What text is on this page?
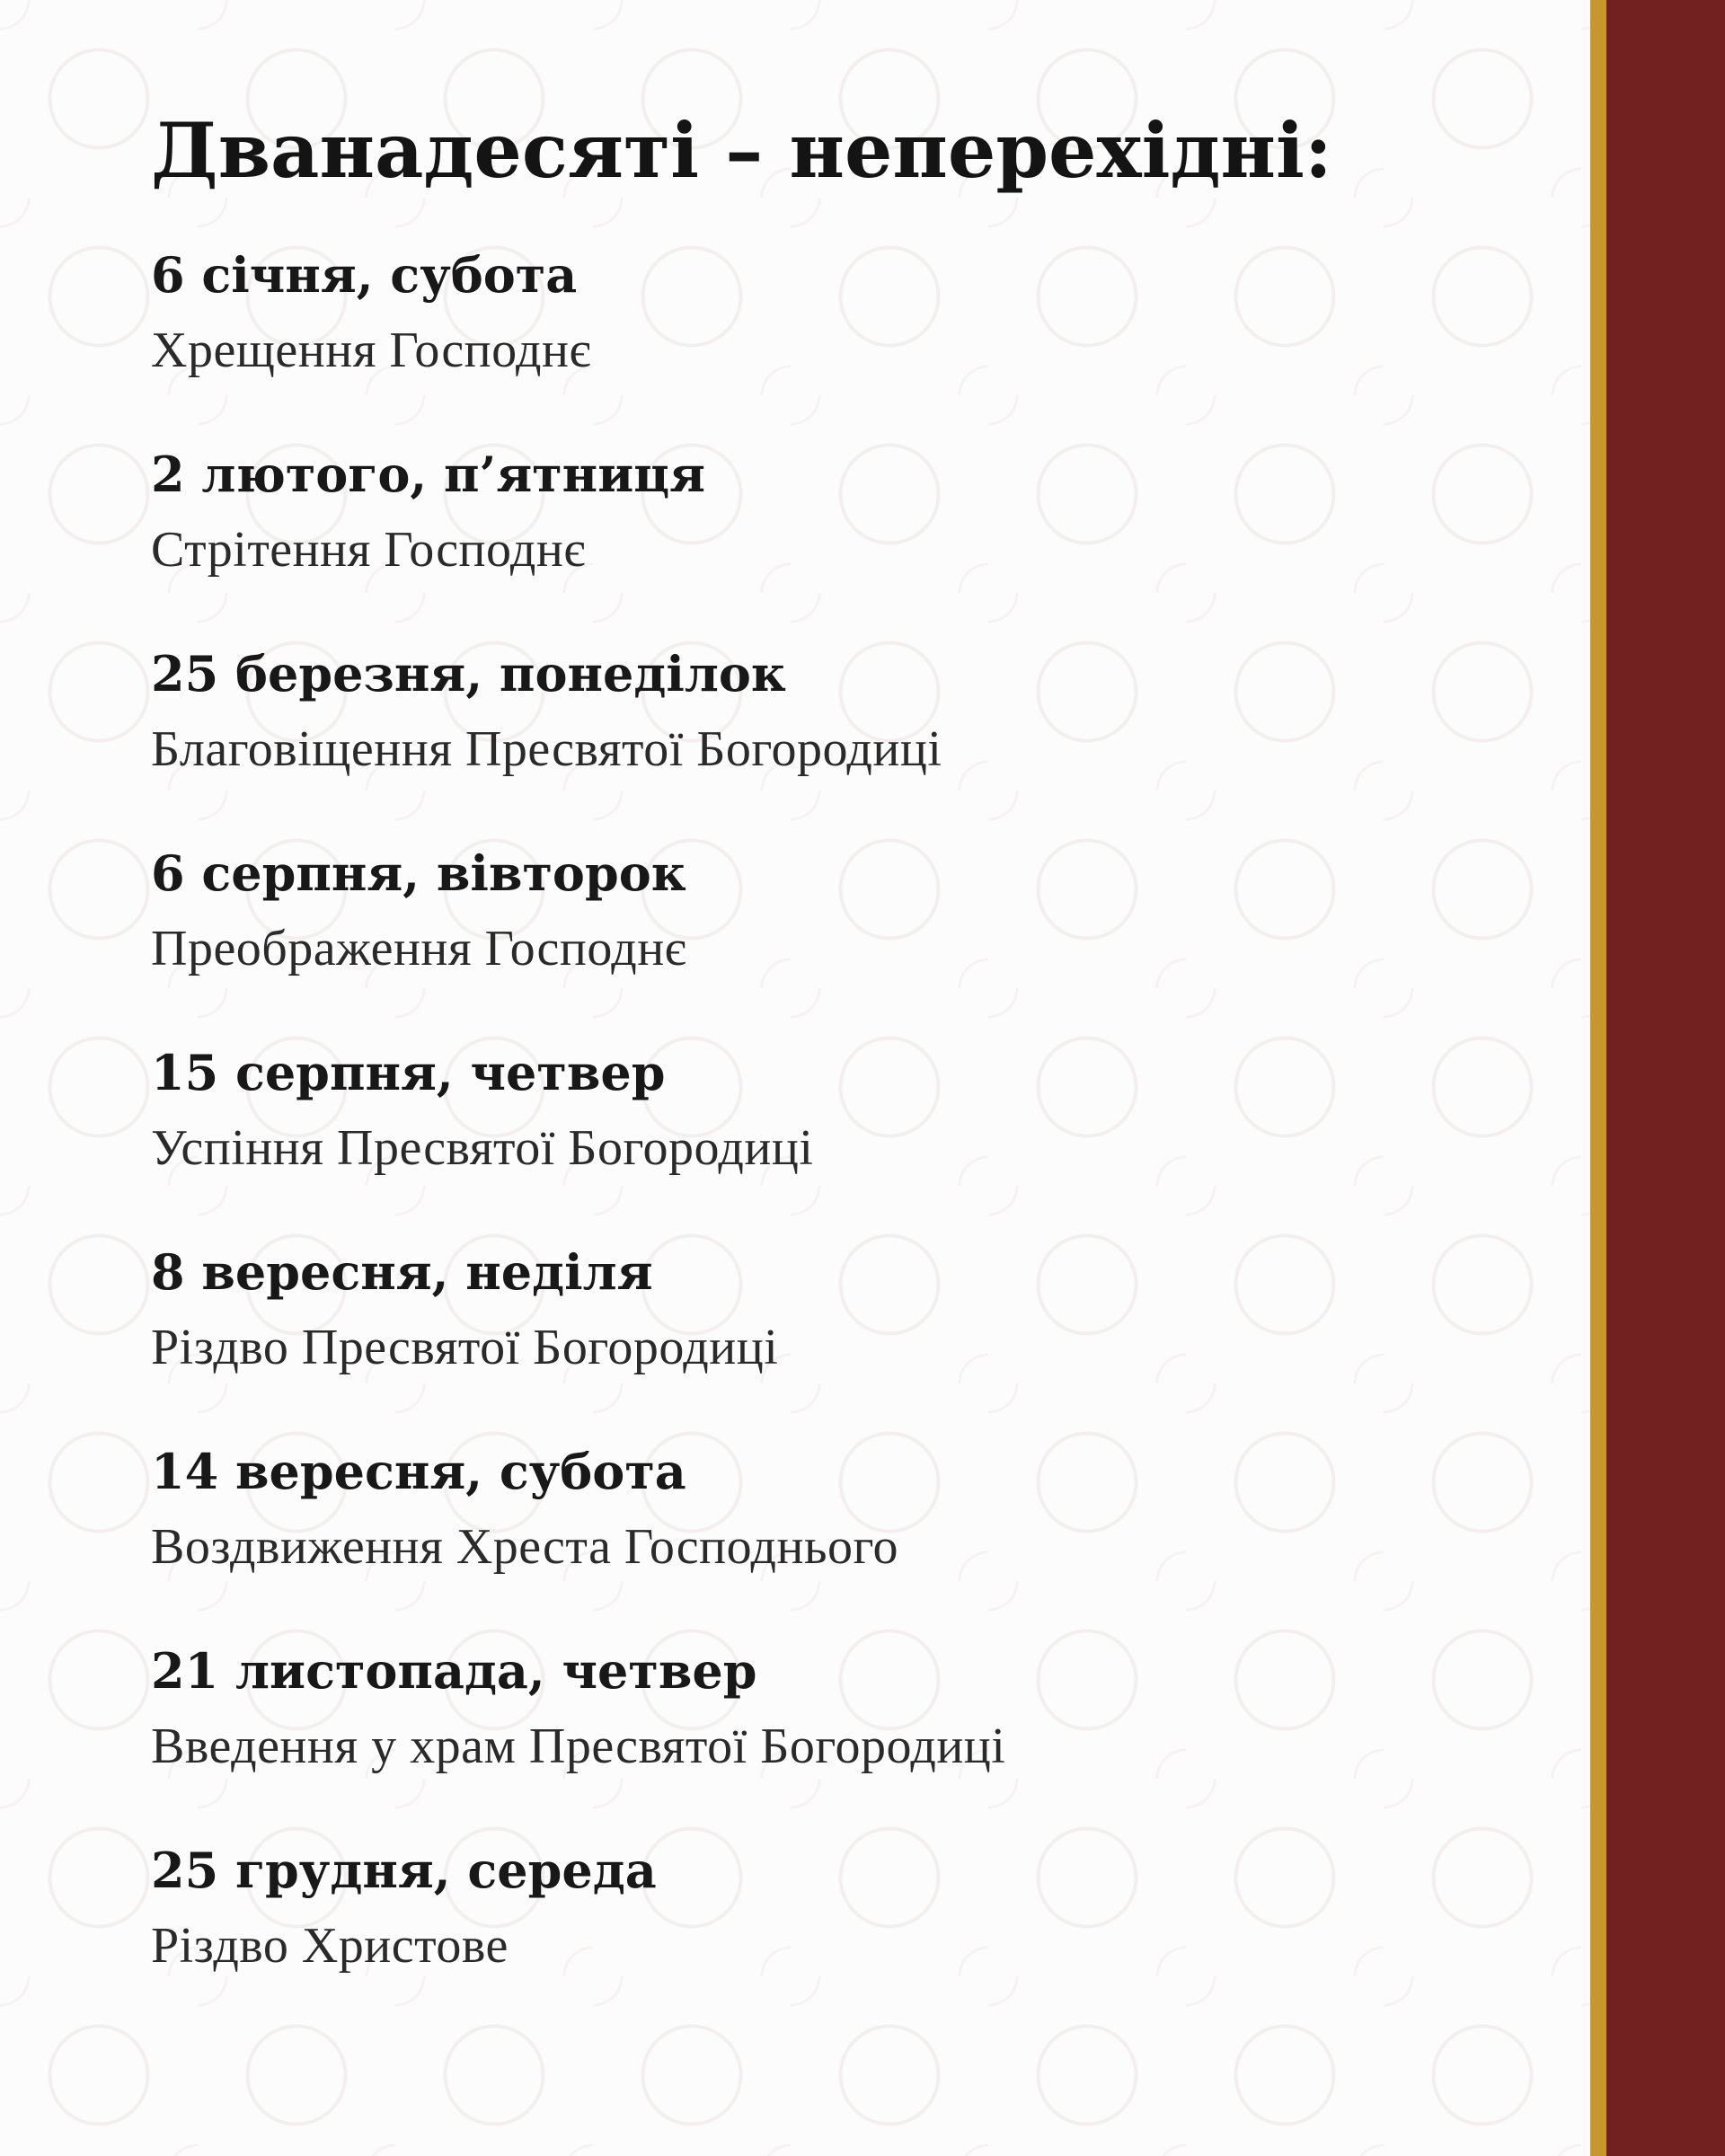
Дванадесяті – неперехідні:
6 січня, субота
Хрещення Господнє
2 лютого, п’ятниця
Стрітення Господнє
25 березня, понеділок
Благовіщення Пресвятої Богородиці
6 серпня, вівторок
Преображення Господнє
15 серпня, четвер
Успіння Пресвятої Богородиці
8 вересня, неділя
Різдво Пресвятої Богородиці
14 вересня, субота
Воздвиження Хреста Господнього
21 листопада, четвер
Введення у храм Пресвятої Богородиці
25 грудня, середа
Різдво Христове
